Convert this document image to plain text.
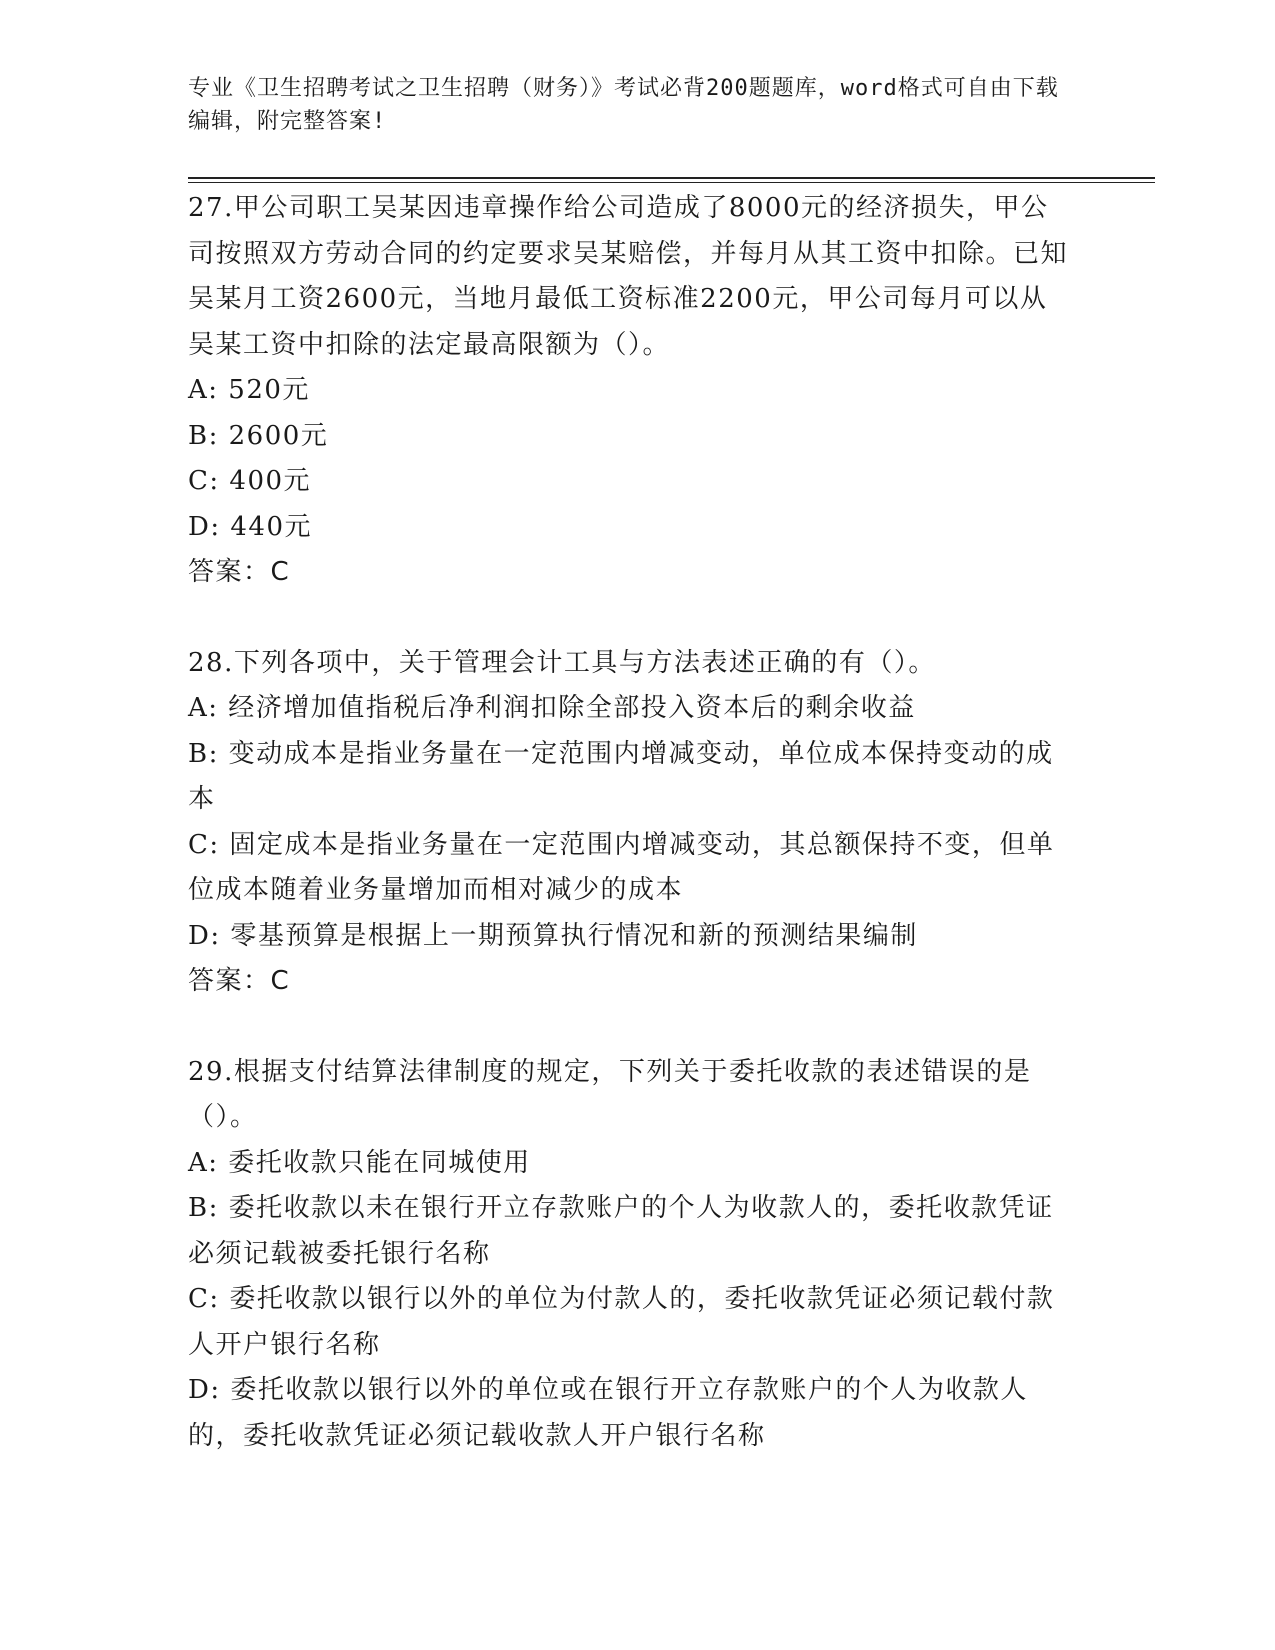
专业《卫生招聘考试之卫生招聘（财务）》考试必背200题题库，word格式可自由下载编辑，附完整答案!

27.甲公司职工吴某因违章操作给公司造成了8000元的经济损失，甲公司按照双方劳动合同的约定要求吴某赔偿，并每月从其工资中扣除。已知吴某月工资2600元，当地月最低工资标准2200元，甲公司每月可以从吴某工资中扣除的法定最高限额为（）。

A: 520元

B: 2600元

C: 400元

D: 440元

答案：C

28.下列各项中，关于管理会计工具与方法表述正确的有（）。

A: 经济增加值指税后净利润扣除全部投入资本后的剩余收益

B: 变动成本是指业务量在一定范围内增减变动，单位成本保持变动的成本

C: 固定成本是指业务量在一定范围内增减变动，其总额保持不变，但单位成本随着业务量增加而相对减少的成本

D: 零基预算是根据上一期预算执行情况和新的预测结果编制

答案：C

29.根据支付结算法律制度的规定，下列关于委托收款的表述错误的是（）。

A: 委托收款只能在同城使用

B: 委托收款以未在银行开立存款账户的个人为收款人的，委托收款凭证必须记载被委托银行名称

C: 委托收款以银行以外的单位为付款人的，委托收款凭证必须记载付款人开户银行名称

D: 委托收款以银行以外的单位或在银行开立存款账户的个人为收款人的，委托收款凭证必须记载收款人开户银行名称
